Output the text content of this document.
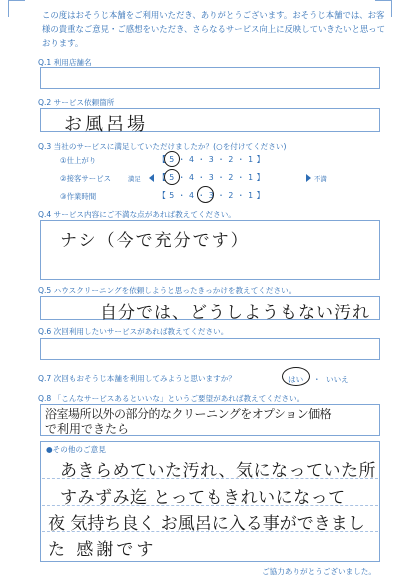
この度はおそうじ本舗をご利用いただき、ありがとうございます。おそうじ本舗では、お客様の貴重なご意見・ご感想をいただき、さらなるサービス向上に反映していきたいと思っております。
Q.1 利用店舗名
Q.2 サービス依頼箇所
お風呂場
Q.3 当社のサービスに満足していただけましたか？(○を付けてください)
①仕上がり	【 5 ・ 4 ・ 3 ・ 2 ・ 1 】
②接客サービス	満足 【 5 ・ 4 ・ 3 ・ 2 ・ 1 】	不満
③作業時間	【 5 ・ 4 ・ 3 ・ 2 ・ 1 】
Q.4 サービス内容にご不満な点があれば教えてください。
ナシ（今で充分です）
Q.5 ハウスクリーニングを依頼しようと思ったきっかけを教えてください。
自分では、どうしようもない汚れ
Q.6 次回利用したいサービスがあれば教えてください。
Q.7 次回もおそうじ本舗を利用してみようと思いますか？	はい ・ いいえ
Q.8 「こんなサービスあるといいな」というご要望があれば教えてください。
浴室場所以外の部分的なクリーニングをオプション価格
で利用できたら
●その他のご意見
あきらめていた汚れ、気になっていた所
すみずみ迄 とってもきれいになって
夜 気持ち良く お風呂に入る事ができまし
た 感謝です
ご協力ありがとうございました。
